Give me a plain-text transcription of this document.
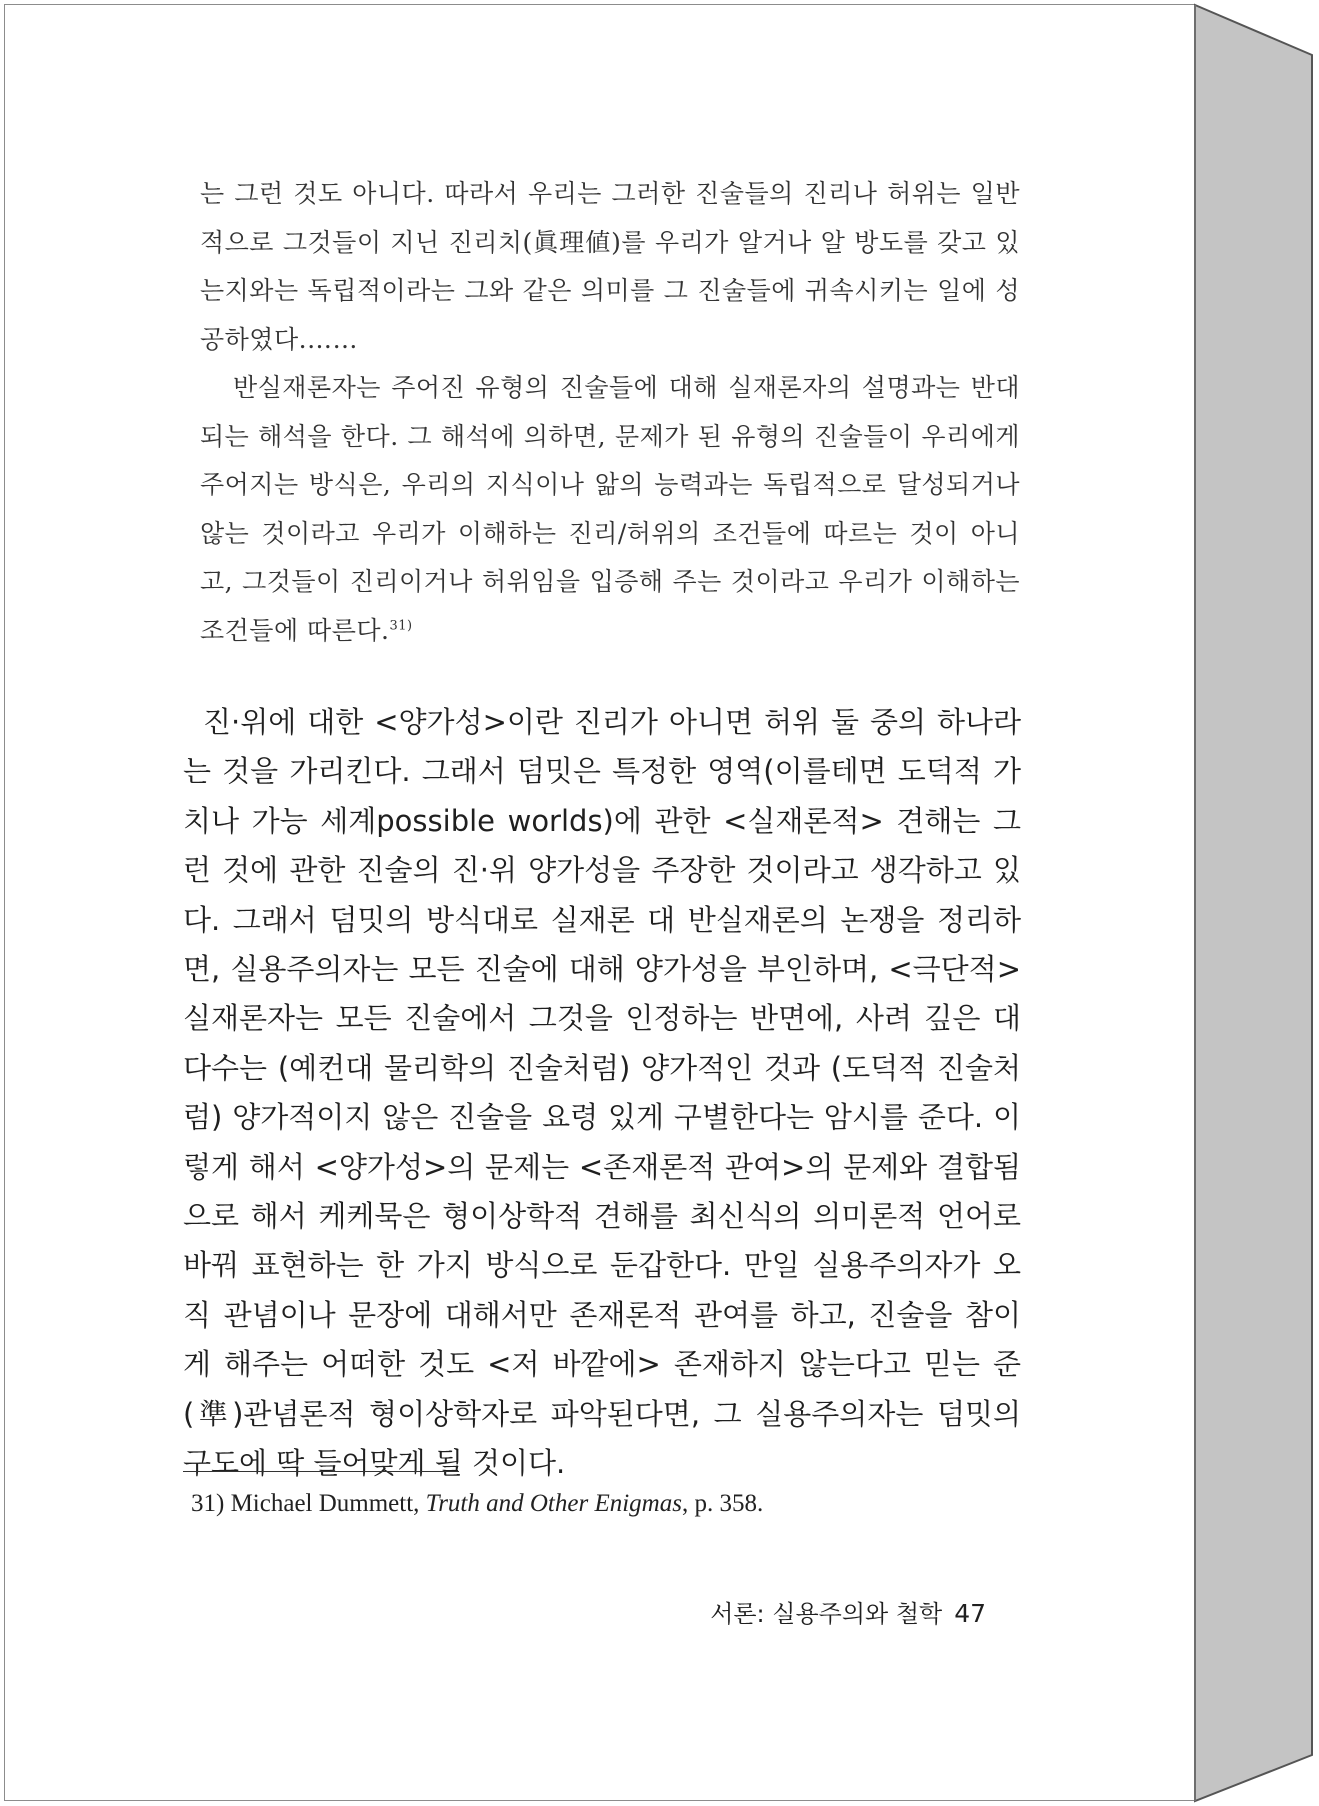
는 그런 것도 아니다. 따라서 우리는 그러한 진술들의 진리나 허위는 일반적으로 그것들이 지닌 진리치(眞理値)를 우리가 알거나 알 방도를 갖고 있는지와는 독립적이라는 그와 같은 의미를 그 진술들에 귀속시키는 일에 성공하였다.……

반실재론자는 주어진 유형의 진술들에 대해 실재론자의 설명과는 반대되는 해석을 한다. 그 해석에 의하면, 문제가 된 유형의 진술들이 우리에게 주어지는 방식은, 우리의 지식이나 앎의 능력과는 독립적으로 달성되거나 않는 것이라고 우리가 이해하는 진리/허위의 조건들에 따르는 것이 아니고, 그것들이 진리이거나 허위임을 입증해 주는 것이라고 우리가 이해하는 조건들에 따른다.$^{31)}$

진·위에 대한 <양가성>이란 진리가 아니면 허위 둘 중의 하나라는 것을 가리킨다. 그래서 덤밋은 특정한 영역(이를테면 도덕적 가치나 가능 세계possible worlds)에 관한 <실재론적> 견해는 그런 것에 관한 진술의 진·위 양가성을 주장한 것이라고 생각하고 있다. 그래서 덤밋의 방식대로 실재론 대 반실재론의 논쟁을 정리하면, 실용주의자는 모든 진술에 대해 양가성을 부인하며, <극단적> 실재론자는 모든 진술에서 그것을 인정하는 반면에, 사려 깊은 대다수는 (예컨대 물리학의 진술처럼) 양가적인 것과 (도덕적 진술처럼) 양가적이지 않은 진술을 요령 있게 구별한다는 암시를 준다. 이렇게 해서 <양가성>의 문제는 <존재론적 관여>의 문제와 결합됨으로 해서 케케묵은 형이상학적 견해를 최신식의 의미론적 언어로 바꿔 표현하는 한 가지 방식으로 둔갑한다. 만일 실용주의자가 오직 관념이나 문장에 대해서만 존재론적 관여를 하고, 진술을 참이게 해주는 어떠한 것도 <저 바깥에> 존재하지 않는다고 믿는 준(準)관념론적 형이상학자로 파악된다면, 그 실용주의자는 덤밋의 구도에 딱 들어맞게 될 것이다.

31) Michael Dummett, Truth and Other Enigmas, p. 358.
서론: 실용주의와 철학 47
